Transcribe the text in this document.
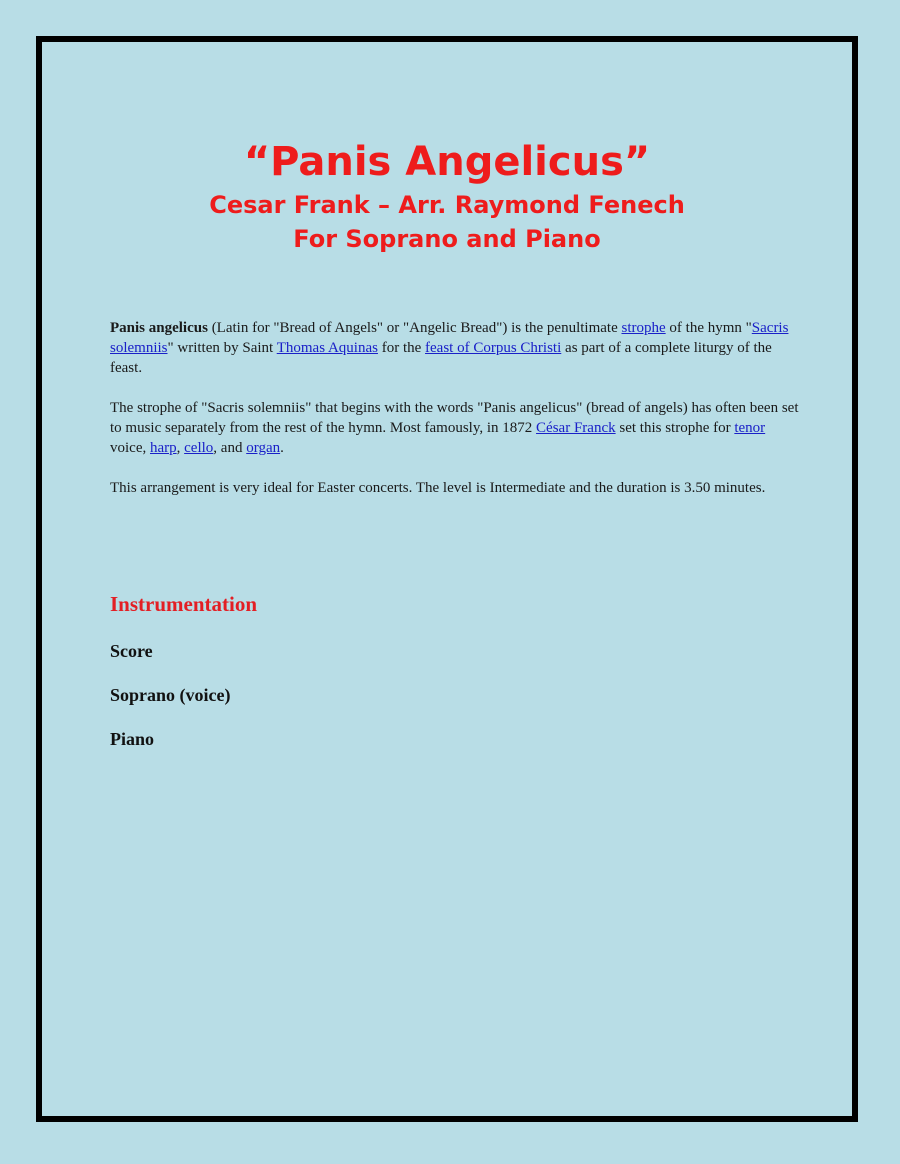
“Panis Angelicus”

Cesar Frank – Arr. Raymond Fenech

For Soprano and Piano

Panis angelicus (Latin for "Bread of Angels" or "Angelic Bread") is the penultimate strophe of the hymn "Sacris solemniis" written by Saint Thomas Aquinas for the feast of Corpus Christi as part of a complete liturgy of the feast.

The strophe of "Sacris solemniis" that begins with the words "Panis angelicus" (bread of angels) has often been set to music separately from the rest of the hymn. Most famously, in 1872 César Franck set this strophe for tenor voice, harp, cello, and organ.

This arrangement is very ideal for Easter concerts. The level is Intermediate and the duration is 3.50 minutes.

Instrumentation
Score
Soprano (voice)
Piano
